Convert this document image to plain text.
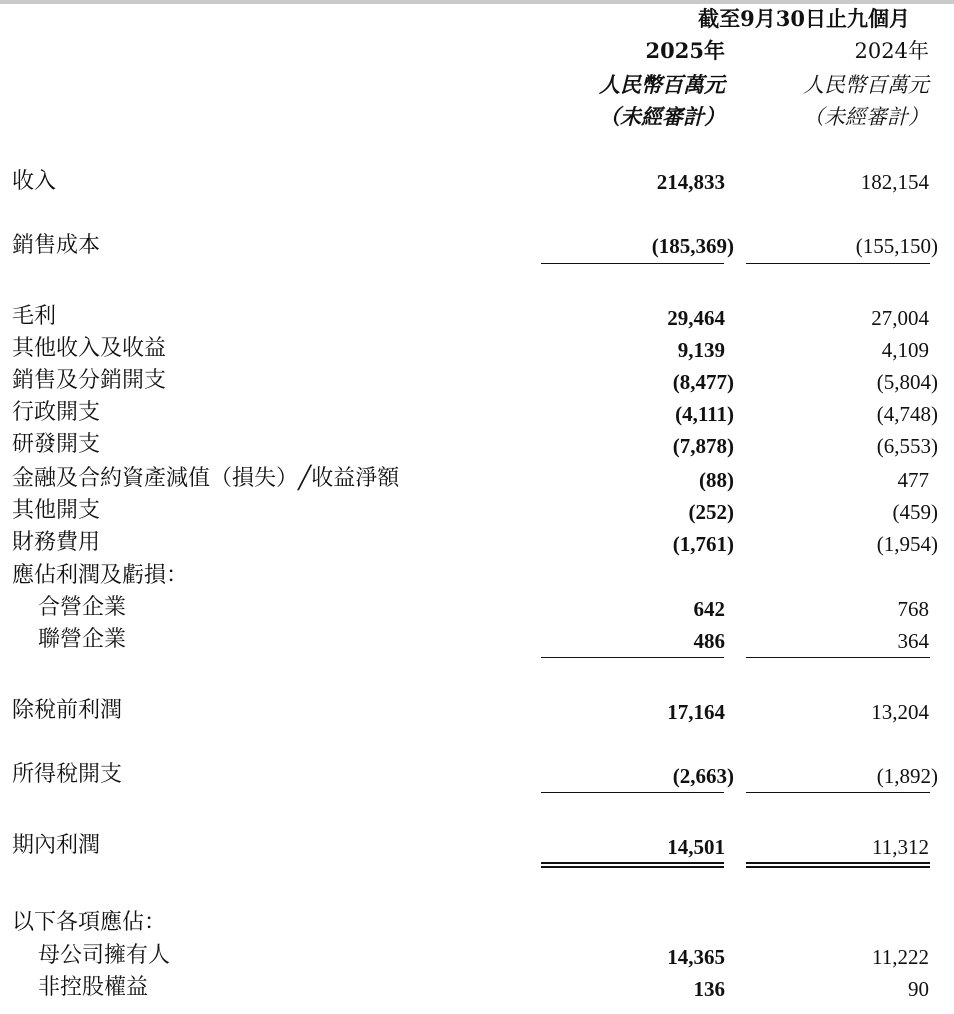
截至9月30日止九個月
2025年	2024年
人民幣百萬元	人民幣百萬元
（未經審計）	（未經審計）
收入	214,833	182,154
銷售成本	(185,369)	(155,150)
毛利	29,464	27,004
其他收入及收益	9,139	4,109
銷售及分銷開支	(8,477)	(5,804)
行政開支	(4,111)	(4,748)
研發開支	(7,878)	(6,553)
金融及合約資產減值（損失）╱收益淨額	(88)	477
其他開支	(252)	(459)
財務費用	(1,761)	(1,954)
應佔利潤及虧損：
合營企業	642	768
聯營企業	486	364
除稅前利潤	17,164	13,204
所得稅開支	(2,663)	(1,892)
期內利潤	14,501	11,312
以下各項應佔：
母公司擁有人	14,365	11,222
非控股權益	136	90
